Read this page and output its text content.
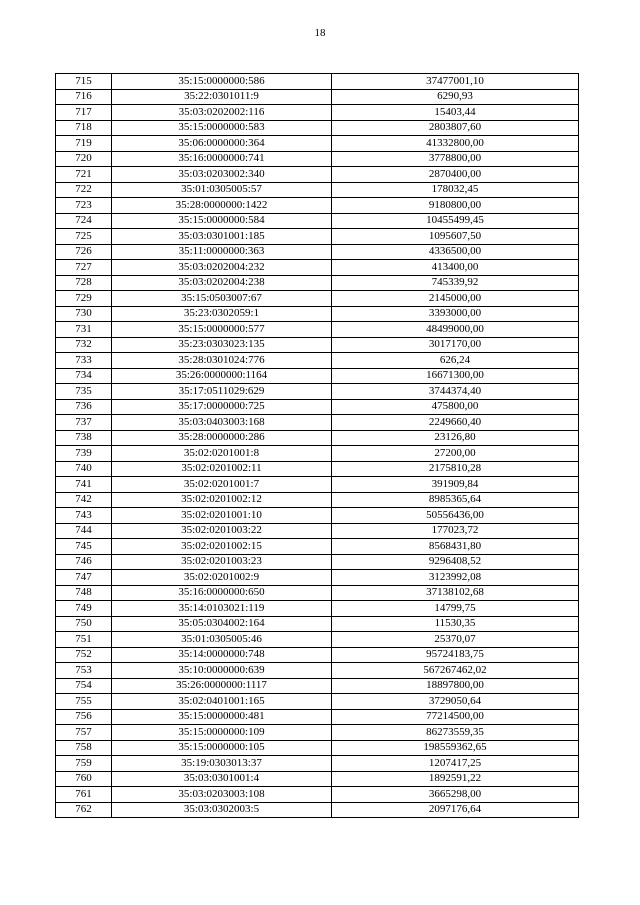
18
715	35:15:0000000:586	37477001,10
716	35:22:0301011:9	6290,93
717	35:03:0202002:116	15403,44
718	35:15:0000000:583	2803807,60
719	35:06:0000000:364	41332800,00
720	35:16:0000000:741	3778800,00
721	35:03:0203002:340	2870400,00
722	35:01:0305005:57	178032,45
723	35:28:0000000:1422	9180800,00
724	35:15:0000000:584	10455499,45
725	35:03:0301001:185	1095607,50
726	35:11:0000000:363	4336500,00
727	35:03:0202004:232	413400,00
728	35:03:0202004:238	745339,92
729	35:15:0503007:67	2145000,00
730	35:23:0302059:1	3393000,00
731	35:15:0000000:577	48499000,00
732	35:23:0303023:135	3017170,00
733	35:28:0301024:776	626,24
734	35:26:0000000:1164	16671300,00
735	35:17:0511029:629	3744374,40
736	35:17:0000000:725	475800,00
737	35:03:0403003:168	2249660,40
738	35:28:0000000:286	23126,80
739	35:02:0201001:8	27200,00
740	35:02:0201002:11	2175810,28
741	35:02:0201001:7	391909,84
742	35:02:0201002:12	8985365,64
743	35:02:0201001:10	50556436,00
744	35:02:0201003:22	177023,72
745	35:02:0201002:15	8568431,80
746	35:02:0201003:23	9296408,52
747	35:02:0201002:9	3123992,08
748	35:16:0000000:650	37138102,68
749	35:14:0103021:119	14799,75
750	35:05:0304002:164	11530,35
751	35:01:0305005:46	25370,07
752	35:14:0000000:748	95724183,75
753	35:10:0000000:639	567267462,02
754	35:26:0000000:1117	18897800,00
755	35:02:0401001:165	3729050,64
756	35:15:0000000:481	77214500,00
757	35:15:0000000:109	86273559,35
758	35:15:0000000:105	198559362,65
759	35:19:0303013:37	1207417,25
760	35:03:0301001:4	1892591,22
761	35:03:0203003:108	3665298,00
762	35:03:0302003:5	2097176,64
